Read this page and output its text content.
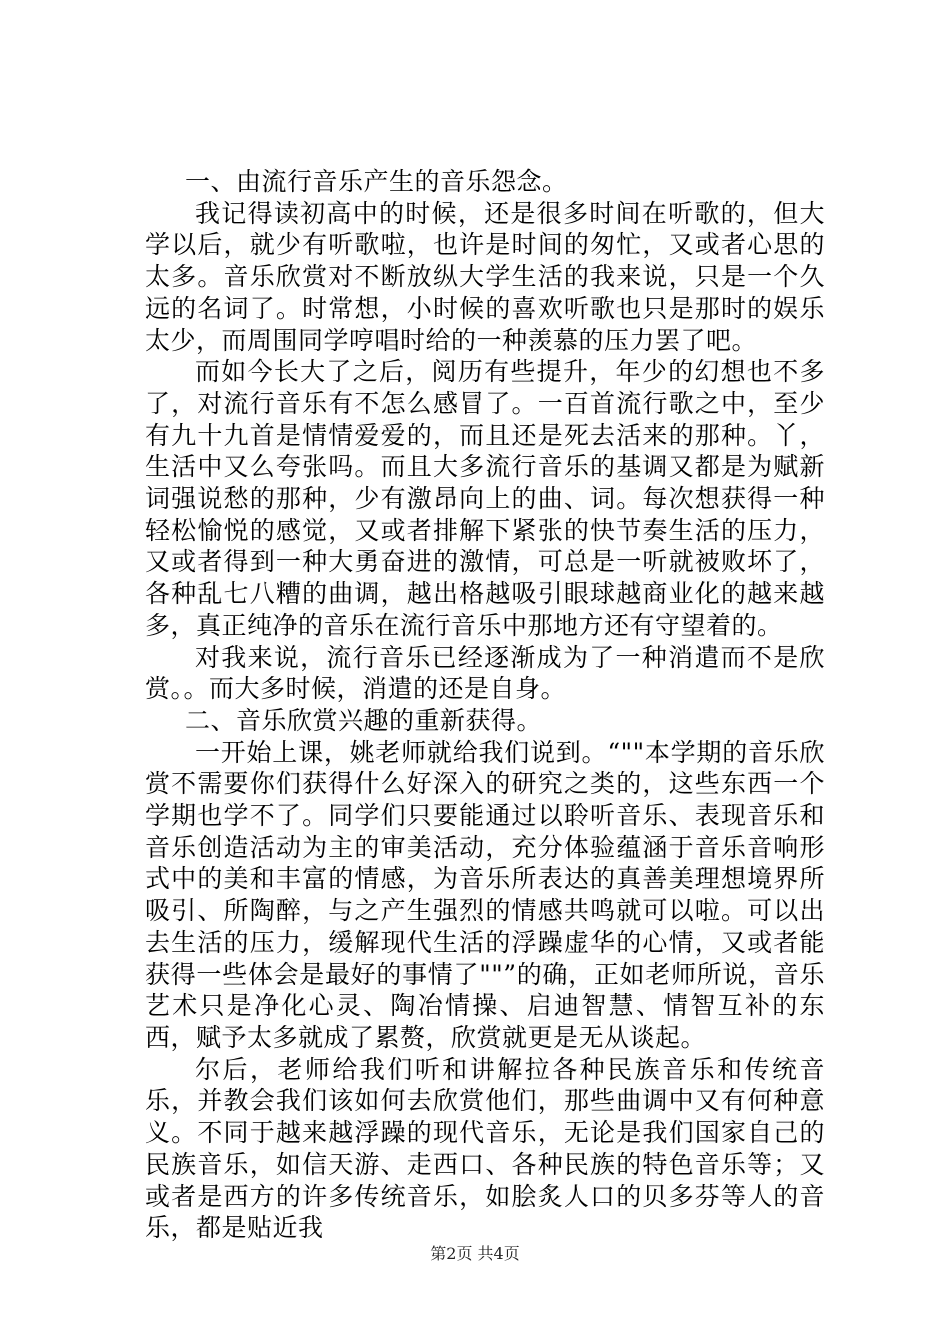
一、由流行音乐产生的音乐怨念。

我记得读初高中的时候，还是很多时间在听歌的，但大学以后，就少有听歌啦，也许是时间的匆忙，又或者心思的太多。音乐欣赏对不断放纵大学生活的我来说，只是一个久远的名词了。时常想，小时候的喜欢听歌也只是那时的娱乐太少，而周围同学哼唱时给的一种羡慕的压力罢了吧。

而如今长大了之后，阅历有些提升，年少的幻想也不多了，对流行音乐有不怎么感冒了。一百首流行歌之中，至少有九十九首是情情爱爱的，而且还是死去活来的那种。丫，生活中又么夸张吗。而且大多流行音乐的基调又都是为赋新词强说愁的那种，少有激昂向上的曲、词。每次想获得一种轻松愉悦的感觉，又或者排解下紧张的快节奏生活的压力，又或者得到一种大勇奋进的激情，可总是一听就被败坏了，各种乱七八糟的曲调，越出格越吸引眼球越商业化的越来越多，真正纯净的音乐在流行音乐中那地方还有守望着的。

对我来说，流行音乐已经逐渐成为了一种消遣而不是欣赏。。而大多时候，消遣的还是自身。

二、音乐欣赏兴趣的重新获得。

一开始上课，姚老师就给我们说到。“""本学期的音乐欣赏不需要你们获得什么好深入的研究之类的，这些东西一个学期也学不了。同学们只要能通过以聆听音乐、表现音乐和音乐创造活动为主的审美活动，充分体验蕴涵于音乐音响形式中的美和丰富的情感，为音乐所表达的真善美理想境界所吸引、所陶醉，与之产生强烈的情感共鸣就可以啦。可以出去生活的压力，缓解现代生活的浮躁虚华的心情，又或者能获得一些体会是最好的事情了""”的确，正如老师所说，音乐艺术只是净化心灵、陶冶情操、启迪智慧、情智互补的东西，赋予太多就成了累赘，欣赏就更是无从谈起。

尔后，老师给我们听和讲解拉各种民族音乐和传统音乐，并教会我们该如何去欣赏他们，那些曲调中又有何种意义。不同于越来越浮躁的现代音乐，无论是我们国家自己的民族音乐，如信天游、走西口、各种民族的特色音乐等；又或者是西方的许多传统音乐，如脍炙人口的贝多芬等人的音乐，都是贴近我

第2页 共4页
